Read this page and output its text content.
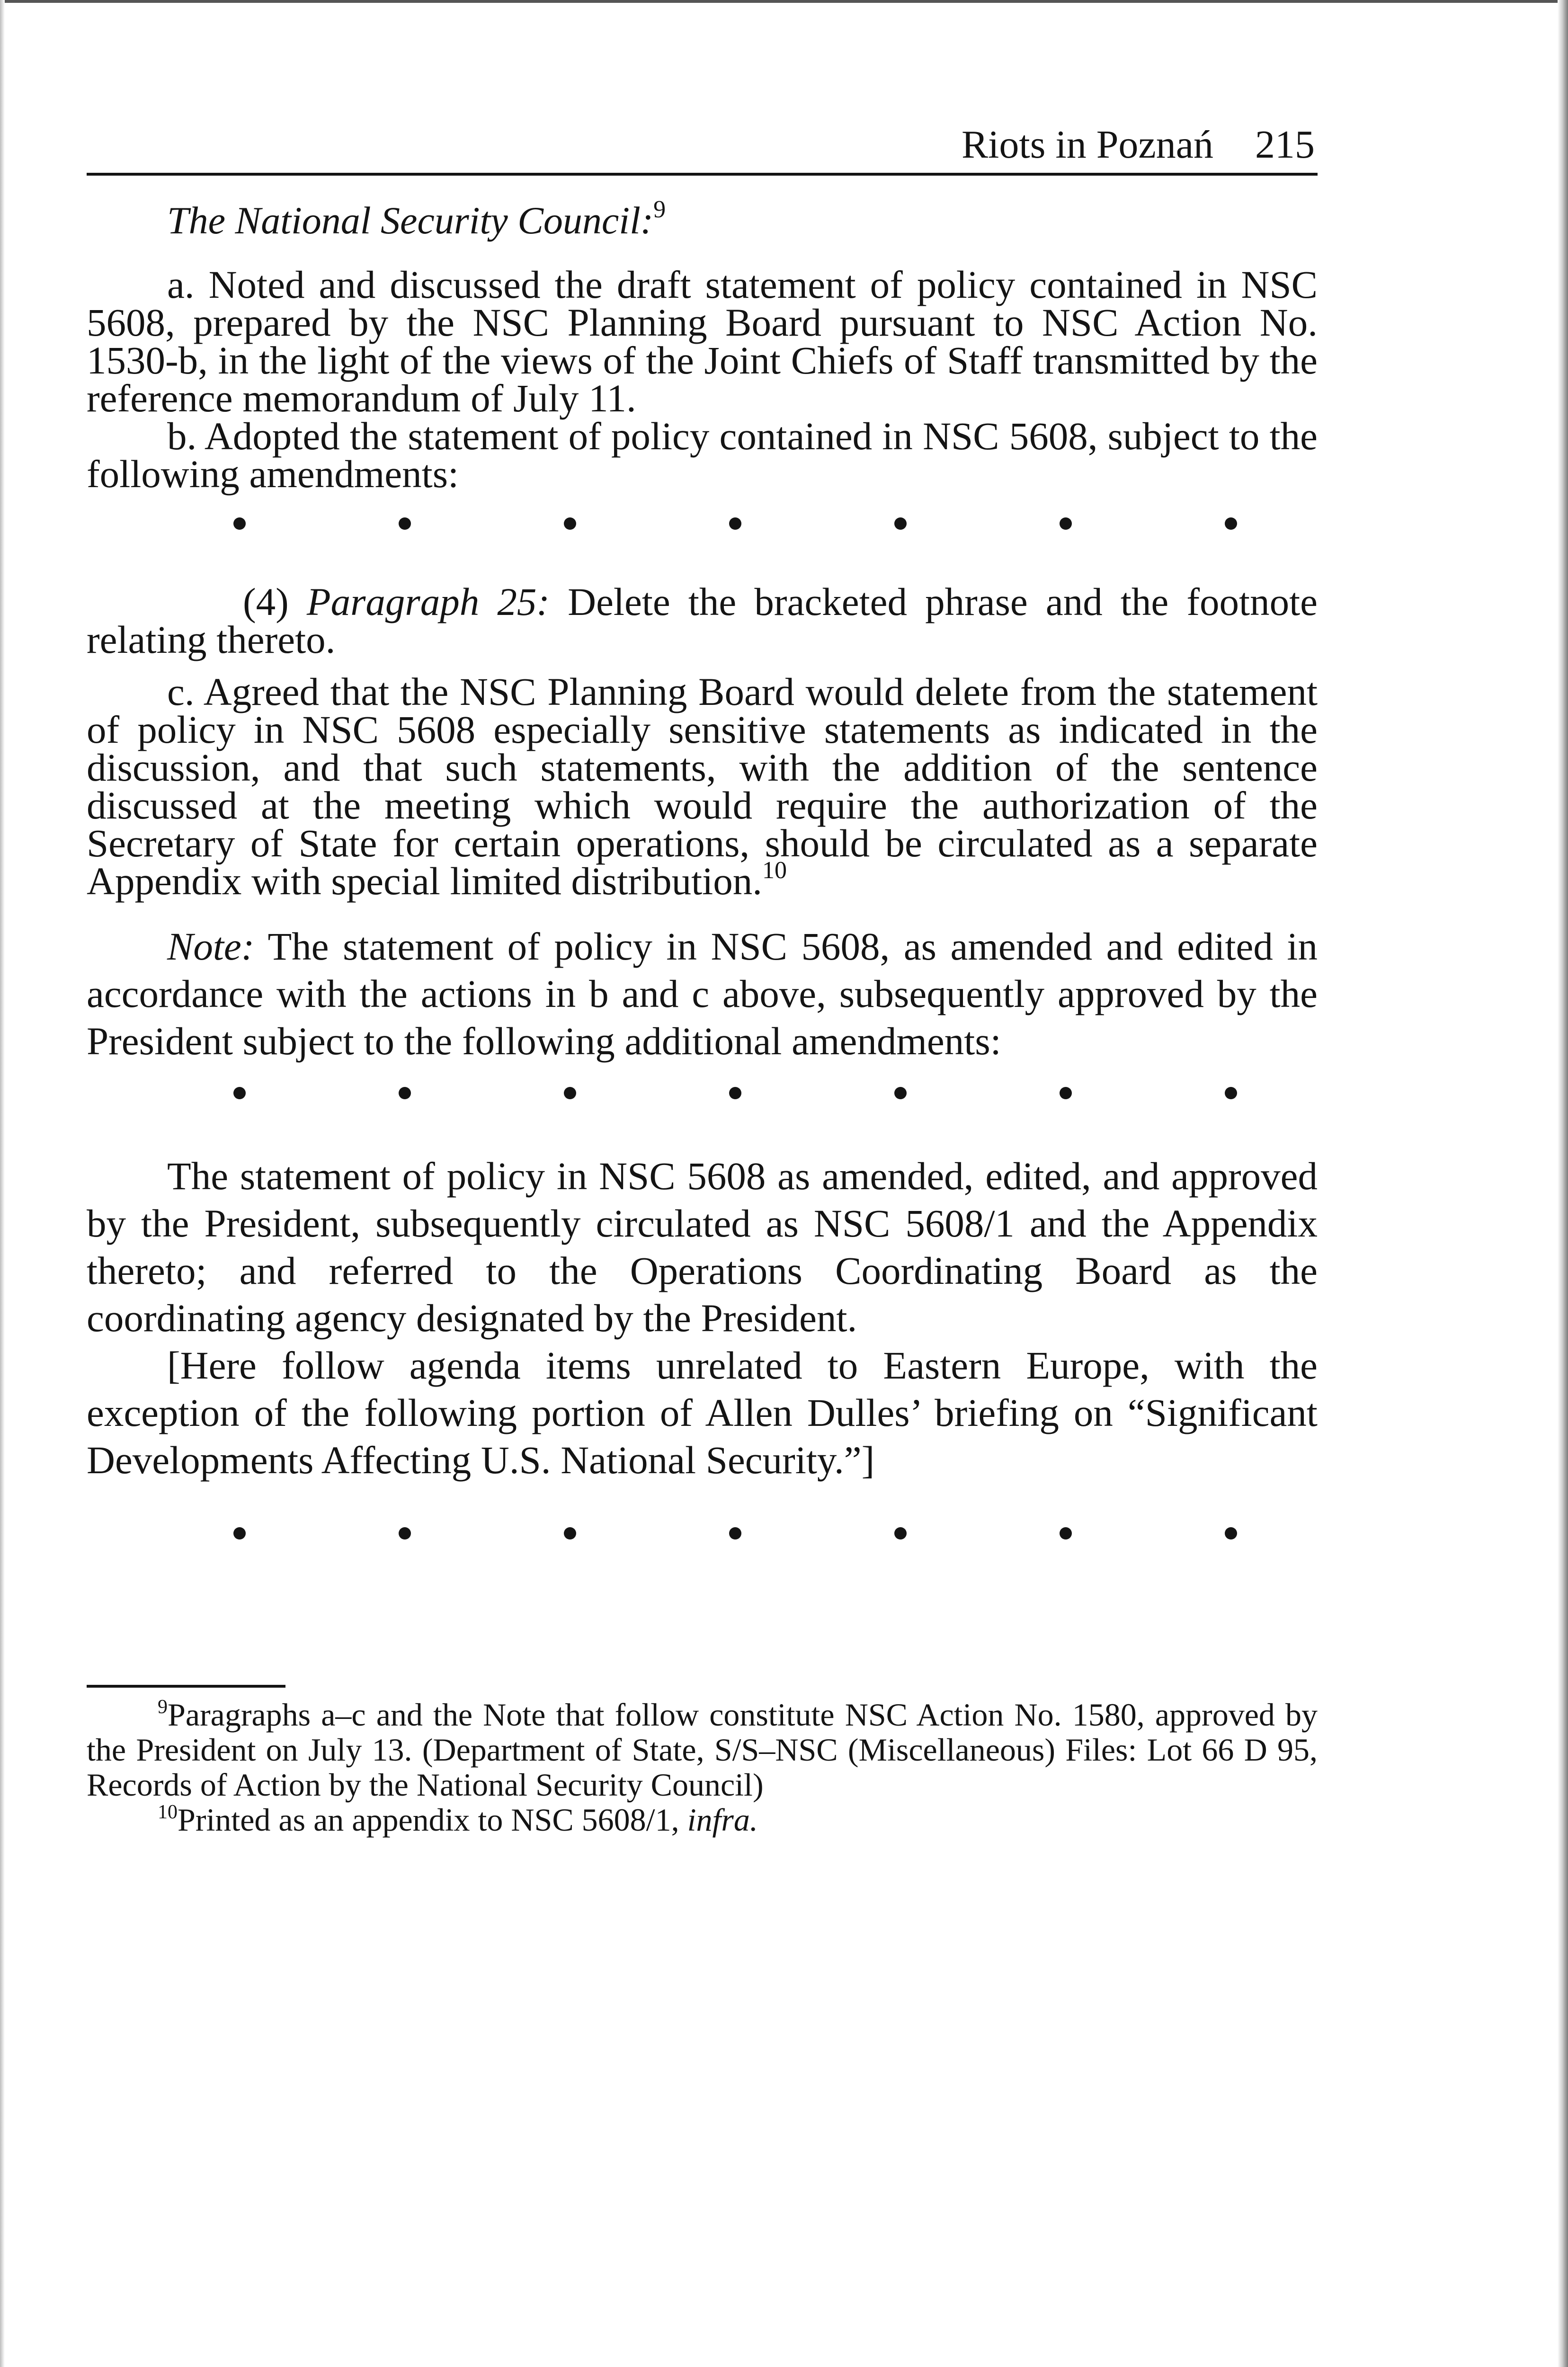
Riots in Poznań 215
The National Security Council:$^9$

a. Noted and discussed the draft statement of policy contained in NSC 5608, prepared by the NSC Planning Board pursuant to NSC Action No. 1530-b, in the light of the views of the Joint Chiefs of Staff transmitted by the reference memorandum of July 11.

b. Adopted the statement of policy contained in NSC 5608, subject to the following amendments:

(4) Paragraph 25: Delete the bracketed phrase and the footnote relating thereto.

c. Agreed that the NSC Planning Board would delete from the statement of policy in NSC 5608 especially sensitive statements as indicated in the discussion, and that such statements, with the addition of the sentence discussed at the meeting which would require the authorization of the Secretary of State for certain operations, should be circulated as a separate Appendix with special limited distribution.$^{10}$

Note: The statement of policy in NSC 5608, as amended and edited in accordance with the actions in b and c above, subsequently approved by the President subject to the following additional amendments:

The statement of policy in NSC 5608 as amended, edited, and approved by the President, subsequently circulated as NSC 5608/1 and the Appendix thereto; and referred to the Operations Coordinating Board as the coordinating agency designated by the President.

[Here follow agenda items unrelated to Eastern Europe, with the exception of the following portion of Allen Dulles’ briefing on “Significant Developments Affecting U.S. National Security.”]

$^9$Paragraphs a–c and the Note that follow constitute NSC Action No. 1580, approved by the President on July 13. (Department of State, S/S–NSC (Miscellaneous) Files: Lot 66 D 95, Records of Action by the National Security Council)

$^{10}$Printed as an appendix to NSC 5608/1, infra.
